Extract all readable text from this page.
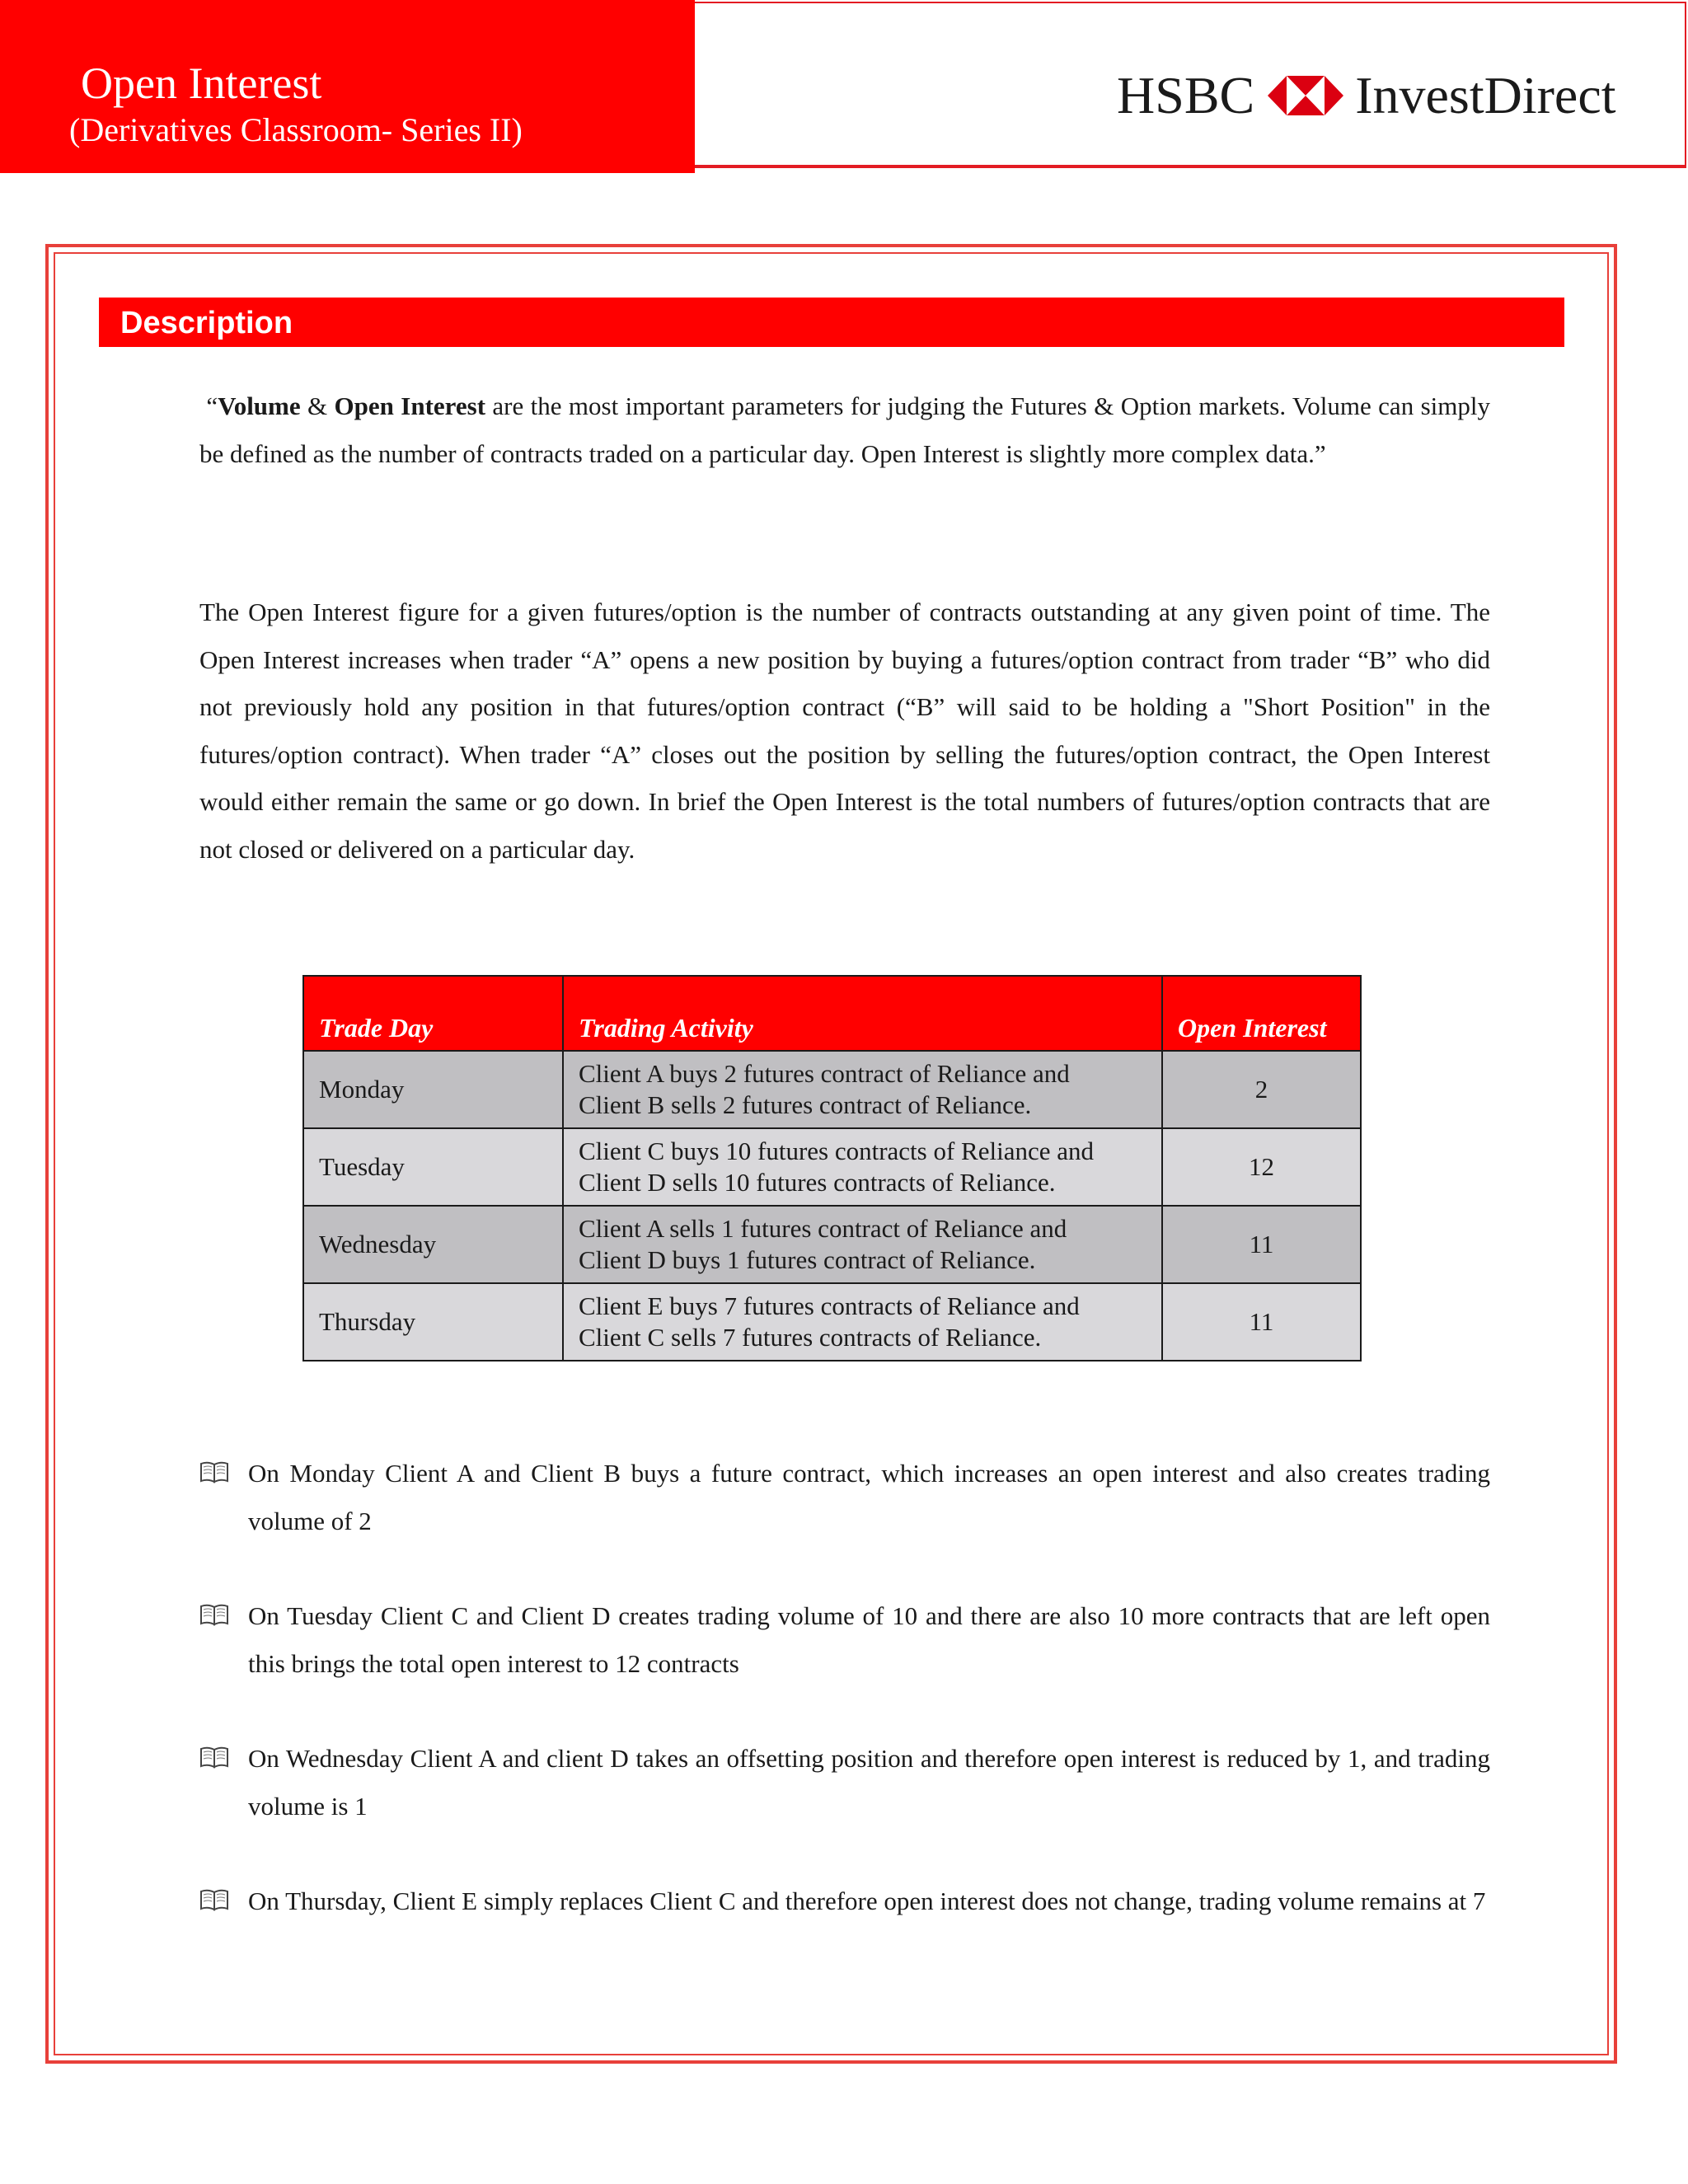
Open Interest
(Derivatives Classroom- Series II)
HSBC InvestDirect
Description
“Volume & Open Interest are the most important parameters for judging the Futures & Option markets. Volume can simply be defined as the number of contracts traded on a particular day. Open Interest is slightly more complex data.”
The Open Interest figure for a given futures/option is the number of contracts outstanding at any given point of time. The Open Interest increases when trader “A” opens a new position by buying a futures/option contract from trader “B” who did not previously hold any position in that futures/option contract (“B” will said to be holding a "Short Position" in the futures/option contract). When trader “A” closes out the position by selling the futures/option contract, the Open Interest would either remain the same or go down. In brief the Open Interest is the total numbers of futures/option contracts that are not closed or delivered on a particular day.
Trade Day	Trading Activity	Open Interest
Monday	Client A buys 2 futures contract of Reliance and
Client B sells 2 futures contract of Reliance.	2
Tuesday	Client C buys 10 futures contracts of Reliance and
Client D sells 10 futures contracts of Reliance.	12
Wednesday	Client A sells 1 futures contract of Reliance and
Client D buys 1 futures contract of Reliance.	11
Thursday	Client E buys 7 futures contracts of Reliance and
Client C sells 7 futures contracts of Reliance.	11
On Monday Client A and Client B buys a future contract, which increases an open interest and also creates trading volume of 2
On Tuesday Client C and Client D creates trading volume of 10 and there are also 10 more contracts that are left open this brings the total open interest to 12 contracts
On Wednesday Client A and client D takes an offsetting position and therefore open interest is reduced by 1, and trading volume is 1
On Thursday, Client E simply replaces Client C and therefore open interest does not change, trading volume remains at 7
